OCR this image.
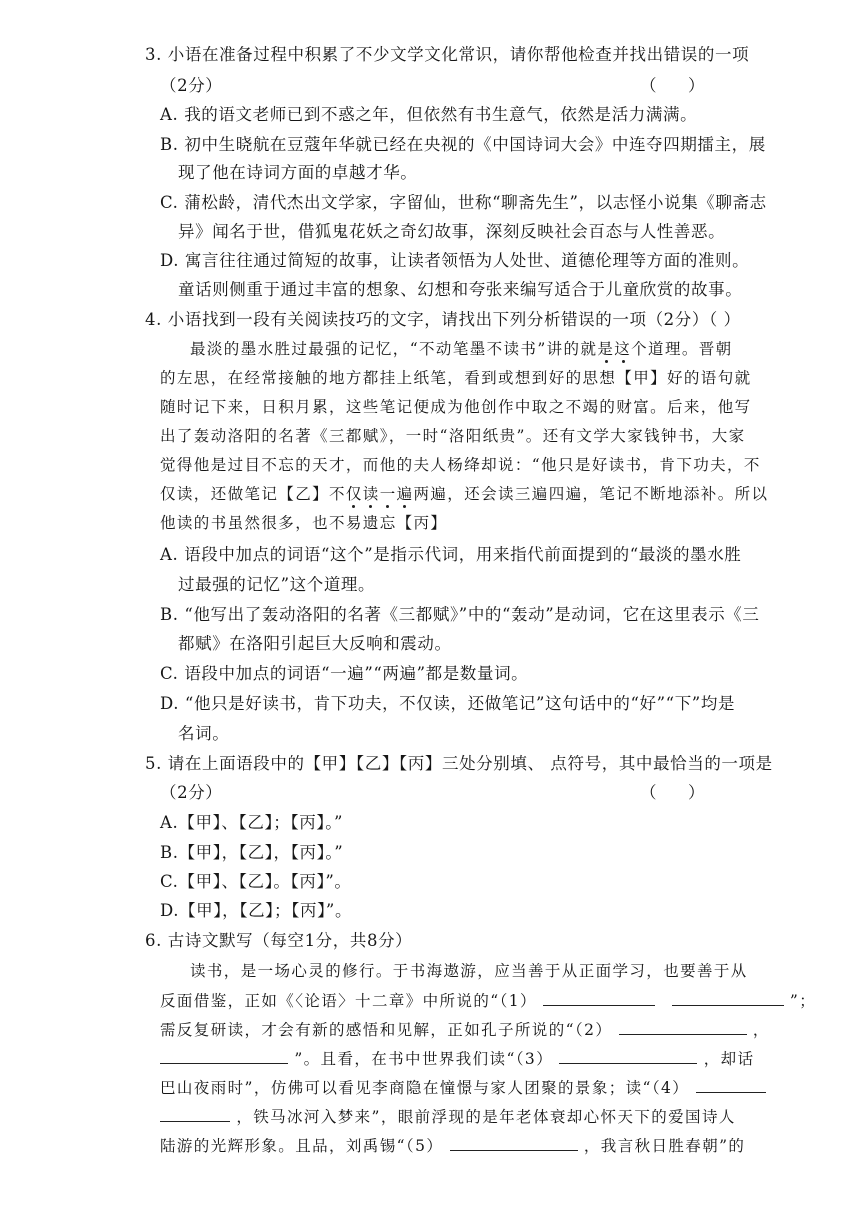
3. 小语在准备过程中积累了不少文学文化常识，请你帮他检查并找出错误的一项
（2分）	（      ）
A. 我的语文老师已到不惑之年，但依然有书生意气，依然是活力满满。
B. 初中生晓航在豆蔻年华就已经在央视的《中国诗词大会》中连夺四期擂主，展
现了他在诗词方面的卓越才华。
C. 蒲松龄，清代杰出文学家，字留仙，世称“聊斋先生”，以志怪小说集《聊斋志
异》闻名于世，借狐鬼花妖之奇幻故事，深刻反映社会百态与人性善恶。
D. 寓言往往通过简短的故事，让读者领悟为人处世、道德伦理等方面的准则。
童话则侧重于通过丰富的想象、幻想和夸张来编写适合于儿童欣赏的故事。
4. 小语找到一段有关阅读技巧的文字，请找出下列分析错误的一项（2分）（ ）
最淡的墨水胜过最强的记忆，“不动笔墨不读书”讲的就是这个道理。晋朝
的左思，在经常接触的地方都挂上纸笔，看到或想到好的思想【甲】好的语句就
随时记下来，日积月累，这些笔记便成为他创作中取之不竭的财富。后来，他写
出了轰动洛阳的名著《三都赋》，一时“洛阳纸贵”。还有文学大家钱钟书，大家
觉得他是过目不忘的天才，而他的夫人杨绛却说：“他只是好读书，肯下功夫，不
仅读，还做笔记【乙】不仅读一遍两遍，还会读三遍四遍，笔记不断地添补。所以
他读的书虽然很多，也不易遗忘【丙】
A. 语段中加点的词语“这个”是指示代词，用来指代前面提到的“最淡的墨水胜
过最强的记忆”这个道理。
B. “他写出了轰动洛阳的名著《三都赋》”中的“轰动”是动词，它在这里表示《三
都赋》在洛阳引起巨大反响和震动。
C. 语段中加点的词语“一遍”“两遍”都是数量词。
D. “他只是好读书，肯下功夫，不仅读，还做笔记”这句话中的“好”“下”均是
名词。
5. 请在上面语段中的【甲】【乙】【丙】三处分别填、 点符号，其中最恰当的一项是
（2分）	（      ）
A.【甲】、【乙】；【丙】。”
B.【甲】，【乙】，【丙】。”
C.【甲】、【乙】。【丙】”。
D.【甲】，【乙】；【丙】”。
6. 古诗文默写（每空1分，共8分）
读书，是一场心灵的修行。于书海遨游，应当善于从正面学习，也要善于从
反面借鉴，正如《〈论语〉十二章》中所说的“（1）	”；
需反复研读，才会有新的感悟和见解，正如孔子所说的“（2）	，
”。且看，在书中世界我们读“（3）	，却话
巴山夜雨时”，仿佛可以看见李商隐在憧憬与家人团聚的景象；读“（4）
，铁马冰河入梦来”，眼前浮现的是年老体衰却心怀天下的爱国诗人
陆游的光辉形象。且品，刘禹锡“（5）	，我言秋日胜春朝”的
